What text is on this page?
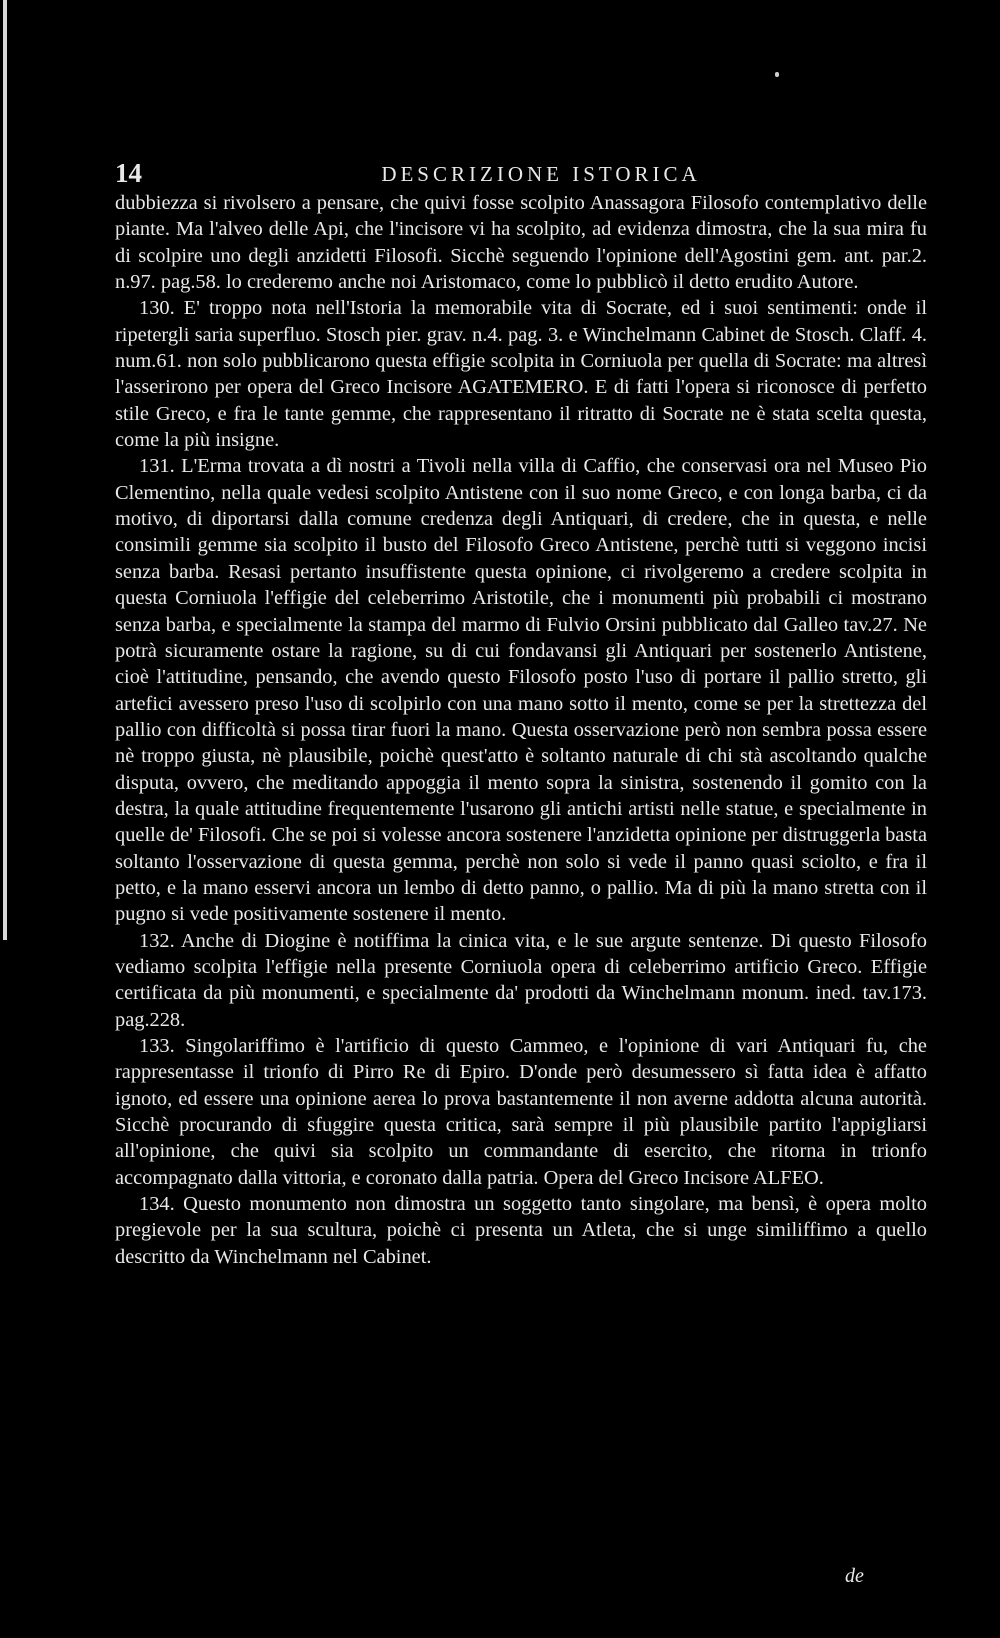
14	DESCRIZIONE ISTORICA

dubbiezza si rivolsero a pensare, che quivi fosse scolpito Anassagora Filosofo contemplativo delle piante. Ma l'alveo delle Api, che l'incisore vi ha scolpito, ad evidenza dimostra, che la sua mira fu di scolpire uno degli anzidetti Filosofi. Sicchè seguendo l'opinione dell'Agostini gem. ant. par.2. n.97. pag.58. lo crederemo anche noi Aristomaco, come lo pubblicò il detto erudito Autore.

130. E' troppo nota nell'Istoria la memorabile vita di Socrate, ed i suoi sentimenti: onde il ripetergli saria superfluo. Stosch pier. grav. n.4. pag. 3. e Winchelmann Cabinet de Stosch. Claff. 4. num.61. non solo pubblicarono questa effigie scolpita in Corniuola per quella di Socrate: ma altresì l'asserirono per opera del Greco Incisore AGATEMERO. E di fatti l'opera si riconosce di perfetto stile Greco, e fra le tante gemme, che rappresentano il ritratto di Socrate ne è stata scelta questa, come la più insigne.

131. L'Erma trovata a dì nostri a Tivoli nella villa di Caffio, che conservasi ora nel Museo Pio Clementino, nella quale vedesi scolpito Antistene con il suo nome Greco, e con longa barba, ci da motivo, di diportarsi dalla comune credenza degli Antiquari, di credere, che in questa, e nelle consimili gemme sia scolpito il busto del Filosofo Greco Antistene, perchè tutti si veggono incisi senza barba. Resasi pertanto insuffistente questa opinione, ci rivolgeremo a credere scolpita in questa Corniuola l'effigie del celeberrimo Aristotile, che i monumenti più probabili ci mostrano senza barba, e specialmente la stampa del marmo di Fulvio Orsini pubblicato dal Galleo tav.27. Ne potrà sicuramente ostare la ragione, su di cui fondavansi gli Antiquari per sostenerlo Antistene, cioè l'attitudine, pensando, che avendo questo Filosofo posto l'uso di portare il pallio stretto, gli artefici avessero preso l'uso di scolpirlo con una mano sotto il mento, come se per la strettezza del pallio con difficoltà si possa tirar fuori la mano. Questa osservazione però non sembra possa essere nè troppo giusta, nè plausibile, poichè quest'atto è soltanto naturale di chi stà ascoltando qualche disputa, ovvero, che meditando appoggia il mento sopra la sinistra, sostenendo il gomito con la destra, la quale attitudine frequentemente l'usarono gli antichi artisti nelle statue, e specialmente in quelle de' Filosofi. Che se poi si volesse ancora sostenere l'anzidetta opinione per distruggerla basta soltanto l'osservazione di questa gemma, perchè non solo si vede il panno quasi sciolto, e fra il petto, e la mano esservi ancora un lembo di detto panno, o pallio. Ma di più la mano stretta con il pugno si vede positivamente sostenere il mento.

132. Anche di Diogine è notiffima la cinica vita, e le sue argute sentenze. Di questo Filosofo vediamo scolpita l'effigie nella presente Corniuola opera di celeberrimo artificio Greco. Effigie certificata da più monumenti, e specialmente da' prodotti da Winchelmann monum. ined. tav.173. pag.228.

133. Singolariffimo è l'artificio di questo Cammeo, e l'opinione di vari Antiquari fu, che rappresentasse il trionfo di Pirro Re di Epiro. D'onde però desumessero sì fatta idea è affatto ignoto, ed essere una opinione aerea lo prova bastantemente il non averne addotta alcuna autorità. Sicchè procurando di sfuggire questa critica, sarà sempre il più plausibile partito l'appigliarsi all'opinione, che quivi sia scolpito un commandante di esercito, che ritorna in trionfo accompagnato dalla vittoria, e coronato dalla patria. Opera del Greco Incisore ALFEO.

134. Questo monumento non dimostra un soggetto tanto singolare, ma bensì, è opera molto pregievole per la sua scultura, poichè ci presenta un Atleta, che si unge similiffimo a quello descritto da Winchelmann nel Cabinet.

de
